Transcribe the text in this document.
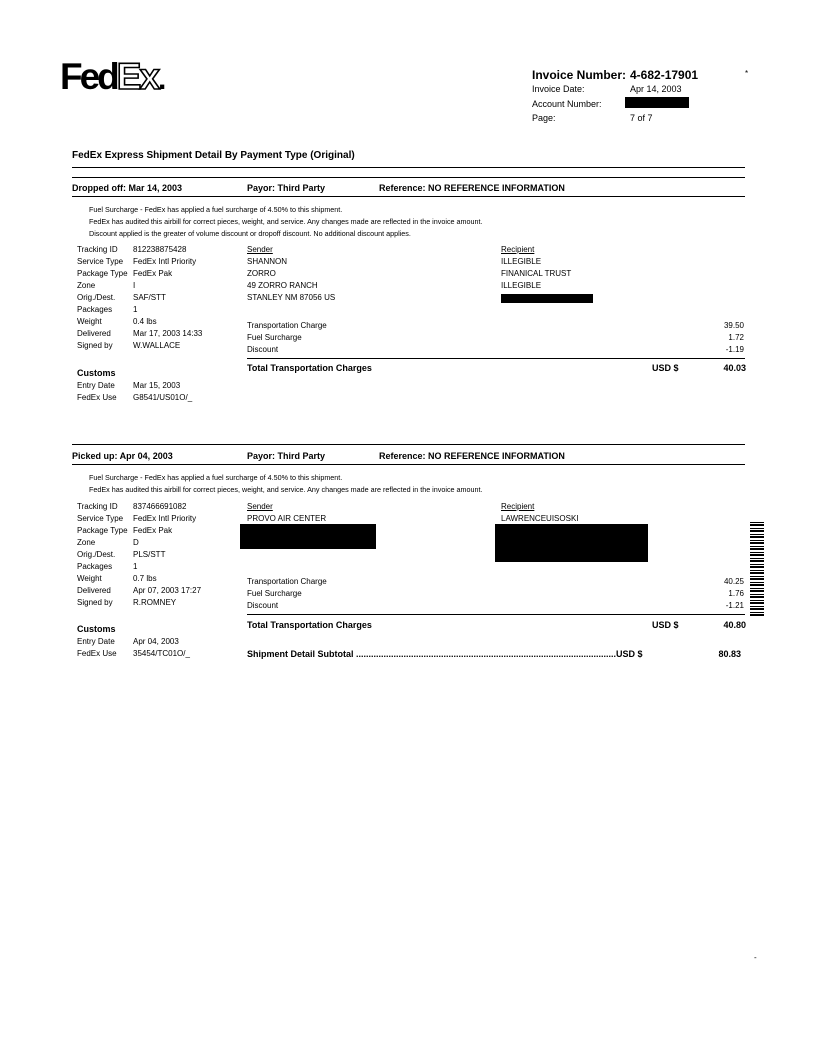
FedEx.	Invoice Number: 4-682-17901	*
Invoice Date:	Apr 14, 2003
Account Number:
Page:	7 of 7
FedEx Express Shipment Detail By Payment Type (Original)
Dropped off: Mar 14, 2003	Payor: Third Party	Reference: NO REFERENCE INFORMATION
Fuel Surcharge - FedEx has applied a fuel surcharge of 4.50% to this shipment.
FedEx has audited this airbill for correct pieces, weight, and service. Any changes made are reflected in the invoice amount.
Discount applied is the greater of volume discount or dropoff discount. No additional discount applies.
Tracking ID 812238875428
Service Type FedEx Intl Priority
Package Type FedEx Pak
Zone	I
Orig./Dest. SAF/STT
Packages	1
Weight	0.4 lbs
Delivered	Mar 17, 2003 14:33
Signed by	W.WALLACE
Sender
SHANNON
ZORRO
49 ZORRO RANCH
STANLEY NM 87056 US
Recipient
ILLEGIBLE
FINANICAL TRUST
ILLEGIBLE
Transportation Charge	39.50
Fuel Surcharge	1.72
Discount	-1.19
Total Transportation Charges	USD $	40.03
Customs
Entry Date Mar 15, 2003
FedEx Use G8541/US01O/_
Picked up: Apr 04, 2003	Payor: Third Party	Reference: NO REFERENCE INFORMATION
Fuel Surcharge - FedEx has applied a fuel surcharge of 4.50% to this shipment.
FedEx has audited this airbill for correct pieces, weight, and service. Any changes made are reflected in the invoice amount.
Tracking ID 837466691082
Service Type FedEx Intl Priority
Package Type FedEx Pak
Zone	D
Orig./Dest. PLS/STT
Packages	1
Weight	0.7 lbs
Delivered	Apr 07, 2003 17:27
Signed by	R.ROMNEY
Sender
PROVO AIR CENTER
Recipient
LAWRENCEUISOSKI
Transportation Charge	40.25
Fuel Surcharge	1.76
Discount	-1.21
Total Transportation Charges	USD $	40.80
Customs
Entry Date Apr 04, 2003
FedEx Use 35454/TC01O/_	Shipment Detail Subtotal ........................................................................................................USD $	80.83
-
